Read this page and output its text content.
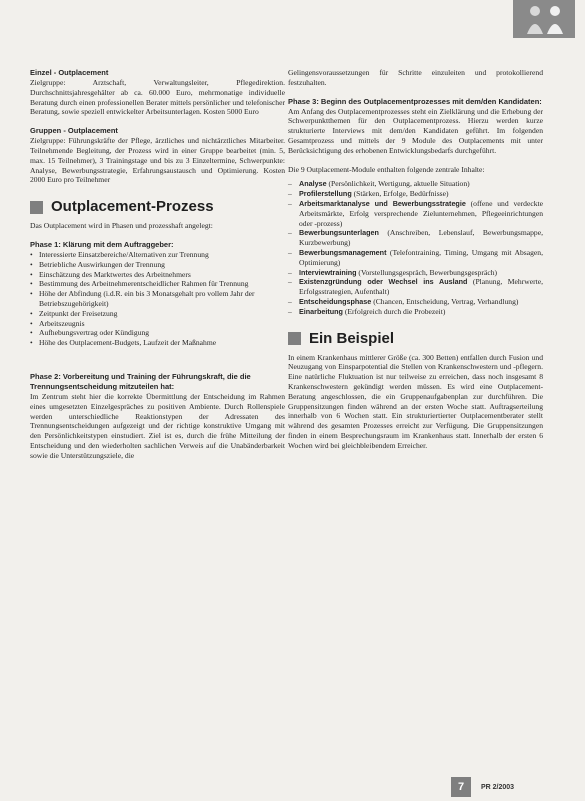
Einzel - Outplacement

Zielgruppe: Arztschaft, Verwaltungsleiter, Pflegedirektion. Durchschnittsjahresgehälter ab ca. 60.000 Euro, mehrmonatige individuelle Beratung durch einen professionellen Berater mittels persönlicher und telefonischer Beratung, sowie speziell entwickelter Arbeitsunterlagen. Kosten 5000 Euro

Gruppen - Outplacement

Zielgruppe: Führungskräfte der Pflege, ärztliches und nichtärztliches Mitarbeiter. Teilnehmende Begleitung, der Prozess wird in einer Gruppe bearbeitet (min. 5, max. 15 Teilnehmer), 3 Trainingstage und bis zu 3 Einzeltermine, Schwerpunkte: Analyse, Bewerbungsstrategie, Erfahrungsaustausch und Optimierung. Kosten 2000 Euro pro Teilnehmer

Outplacement-Prozess

Das Outplacement wird in Phasen und prozesshaft angelegt:

Phase 1: Klärung mit dem Auftraggeber:
• Interessierte Einsatzbereiche/Alternativen zur Trennung
• Betriebliche Auswirkungen der Trennung
• Einschätzung des Marktwertes des Arbeitnehmers
• Bestimmung des Arbeitnehmerentscheidlicher Rahmen für Trennung
• Höhe der Abfindung (i.d.R. ein bis 3 Monatsgehalt pro vollem Jahr der Betriebszugehörigkeit)
• Zeitpunkt der Freisetzung
• Arbeitszeugnis
• Aufhebungsvertrag oder Kündigung
• Höhe des Outplacement-Budgets, Laufzeit der Maßnahme
Phase 2: Vorbereitung und Training der Führungskraft, die die Trennungsentscheidung mitzuteilen hat:

Im Zentrum steht hier die korrekte Übermittlung der Entscheidung im Rahmen eines umgesetzten Einzelgespräches zu positiven Ambiente. Durch Rollenspiele werden unterschiedliche Reaktionstypen der Adressaten des Trennungsentscheidungen aufgezeigt und der richtige konstruktive Umgang mit den Persönlichkeitstypen einstudiert. Ziel ist es, durch die frühe Mitteilung der Entscheidung und den wiederholten sachlichen Verweis auf die Unabänderbarkeit sowie die Unterstützungsziele, die

Gelingensvoraussetzungen für Schritte einzuleiten und protokollierend festzuhalten.

Phase 3: Beginn des Outplacementprozesses mit dem/den Kandidaten:

Am Anfang des Outplacementprozesses steht ein Zielklärung und die Erhebung der Schwerpunktthemen für den Outplacementprozess. Hierzu werden kurze strukturierte Interviews mit dem/den Kandidaten geführt. Im folgenden Gesamtprozess und mittels der 9 Module des Outplacements mit unter Berücksichtigung des erhobenen Entwicklungsbedarfs durchgeführt.

Die 9 Outplacement-Module enthalten folgende zentrale Inhalte:

– Analyse (Persönlichkeit, Wertigung, aktuelle Situation)
– Profilerstellung (Stärken, Erfolge, Bedürfnisse)
– Arbeitsmarktanalyse und Bewerbungsstrategie (offene und verdeckte Arbeitsmärkte, Erfolg versprechende Zielunternehmen, Pflegeeinrichtungen oder -prozess)
– Bewerbungsunterlagen (Anschreiben, Lebenslauf, Bewerbungsmappe, Kurzbewerbung)
– Bewerbungsmanagement (Telefontraining, Timing, Umgang mit Absagen, Optimierung)
– Interviewtraining (Vorstellungsgespräch, Bewerbungsgespräch)
– Existenzgründung oder Wechsel ins Ausland (Planung, Mehrwerte, Erfolgsstrategien, Aufenthalt)
– Entscheidungsphase (Chancen, Entscheidung, Vertrag, Verhandlung)
– Einarbeitung (Erfolgreich durch die Probezeit)
Ein Beispiel

In einem Krankenhaus mittlerer Größe (ca. 300 Betten) entfallen durch Fusion und Neuzugang von Einsparpotential die Stellen von Krankenschwestern und -pflegern. Eine natürliche Fluktuation ist nur teilweise zu erreichen, dass noch insgesamt 8 Krankenschwestern gekündigt werden müssen. Es wird eine Outplacement-Beratung angeschlossen, die ein Gruppenaufgabenplan zur durchführen. Die Gruppensitzungen finden während an der ersten Woche statt. Auftragserteilung innerhalb von 6 Wochen statt. Ein strukturiertierter Outplacementberater stellt während des gesamten Prozesses erreicht zur Verfügung. Die Gruppensitzungen finden in einem Besprechungsraum im Krankenhaus statt. Innerhalb der ersten 6 Wochen wird bei gleichbleibendem Erreicher.

7	PR 2/2003
